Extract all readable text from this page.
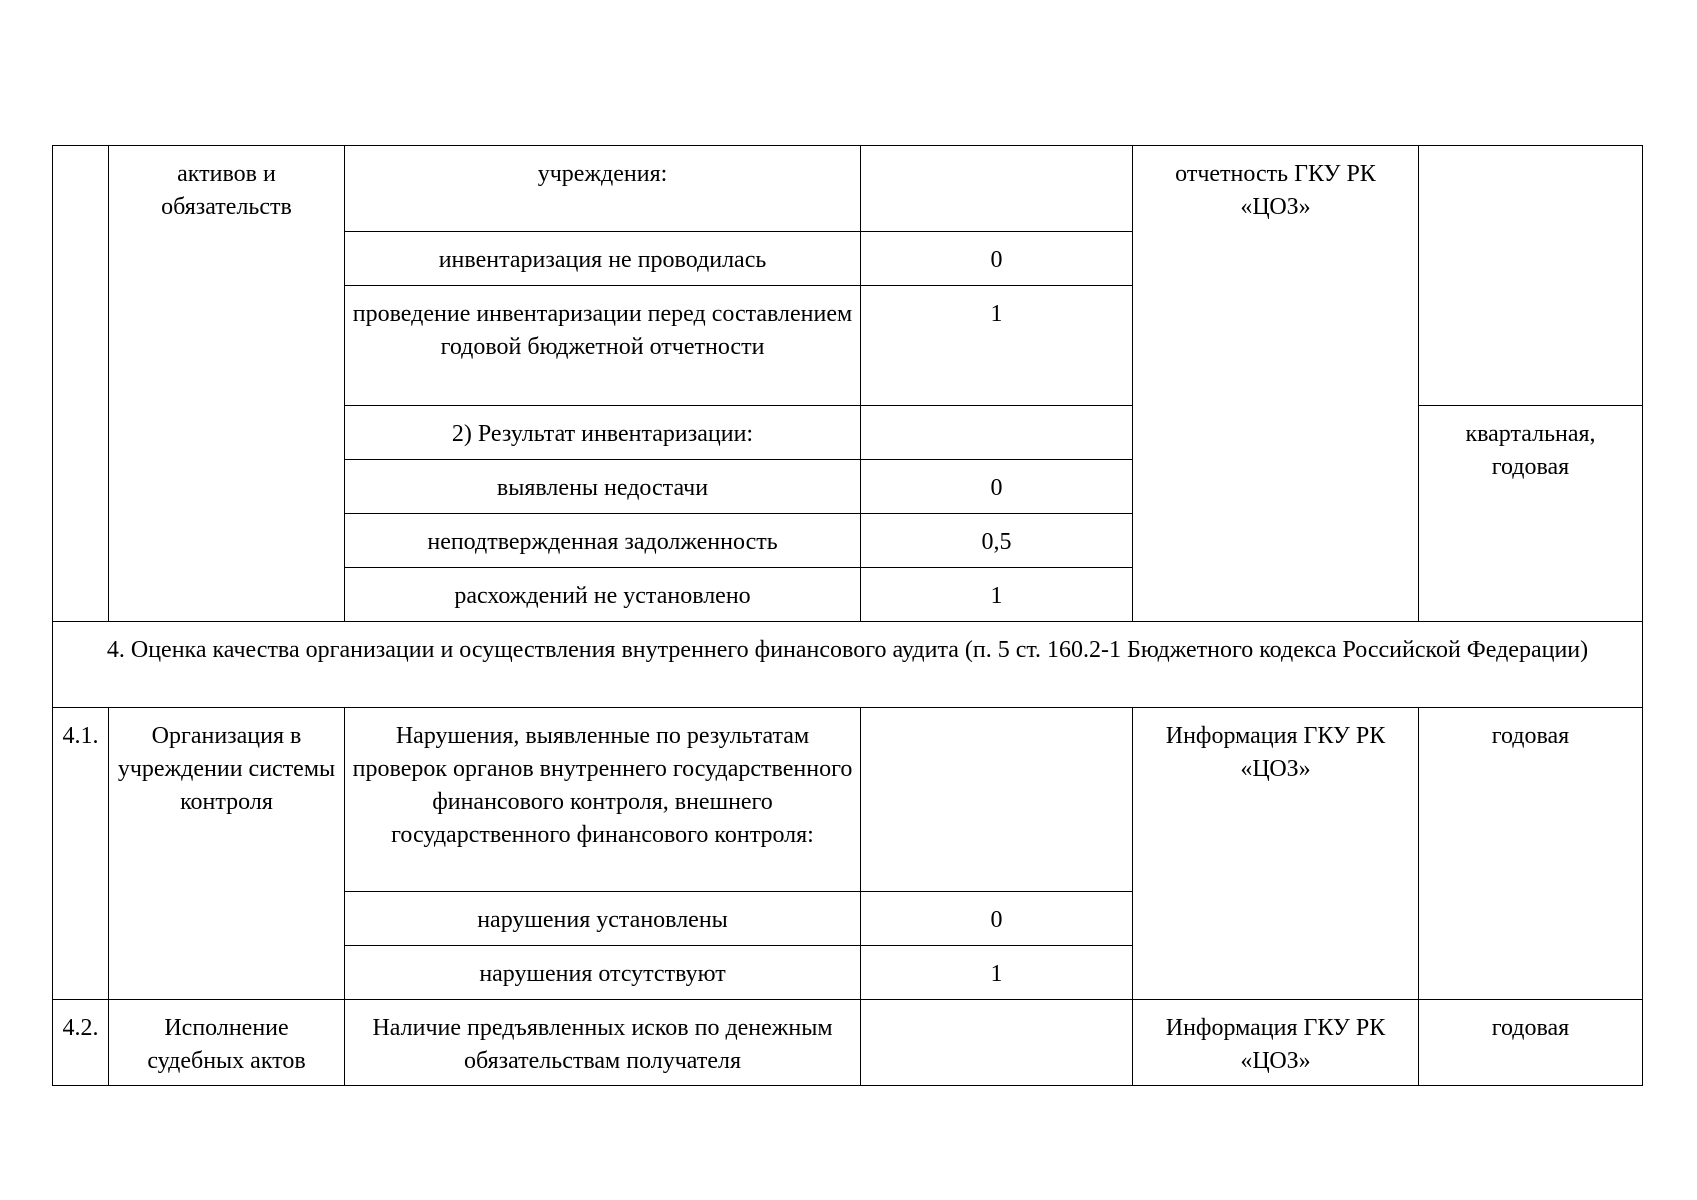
	активов и обязательств	учреждения:		отчетность ГКУ РК «ЦОЗ»	
		инвентаризация не проводилась	0		
		проведение инвентаризации перед составлением годовой бюджетной отчетности	1		
		2) Результат инвентаризации:			квартальная, годовая
		выявлены недостачи	0		
		неподтвержденная задолженность	0,5		
		расхождений не установлено	1		
4. Оценка качества организации и осуществления внутреннего финансового аудита (п. 5 ст. 160.2-1 Бюджетного кодекса Российской Федерации)					
4.1.	Организация в учреждении системы контроля	Нарушения, выявленные по результатам проверок органов внутреннего государственного финансового контроля, внешнего государственного финансового контроля:		Информация ГКУ РК «ЦОЗ»	годовая
		нарушения установлены	0		
		нарушения отсутствуют	1		
4.2.	Исполнение судебных актов	Наличие предъявленных исков по денежным обязательствам получателя		Информация ГКУ РК «ЦОЗ»	годовая
